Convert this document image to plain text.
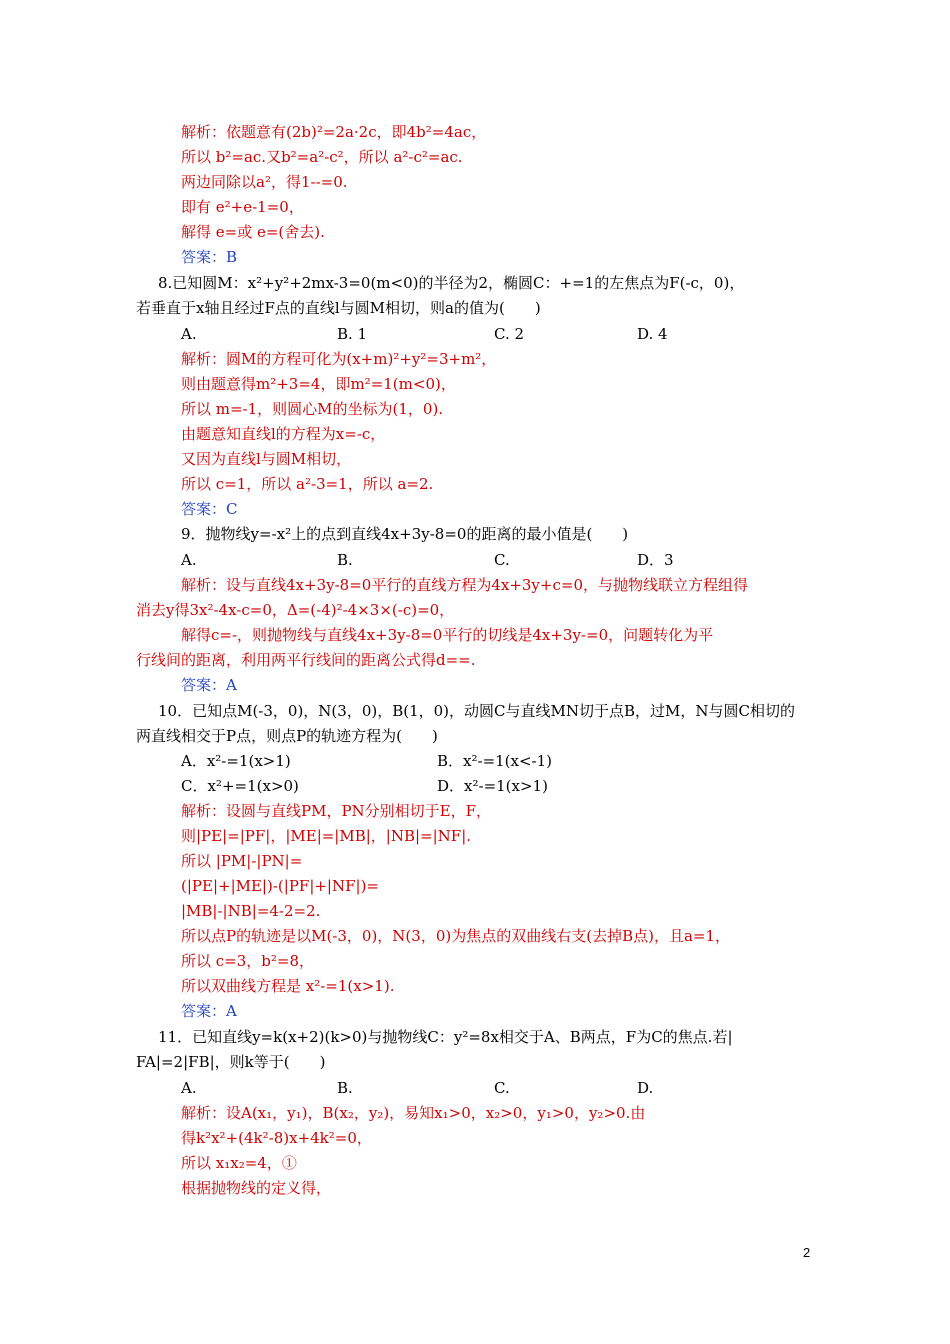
解析：依题意有(2b)²=2a·2c，即4b²=4ac，
所以 b²=ac.又b²=a²-c²，所以 a²-c²=ac.
两边同除以a²，得1--=0.
即有 e²+e-1=0，
解得 e=或 e=(舍去).
答案：B
8.已知圆M：x²+y²+2mx-3=0(m<0)的半径为2，椭圆C：+=1的左焦点为F(-c，0)，
若垂直于x轴且经过F点的直线l与圆M相切，则a的值为(　　)
A.	B. 1	C. 2	D. 4
解析：圆M的方程可化为(x+m)²+y²=3+m²，
则由题意得m²+3=4，即m²=1(m<0)，
所以 m=-1，则圆心M的坐标为(1，0).
由题意知直线l的方程为x=-c，
又因为直线l与圆M相切，
所以 c=1，所以 a²-3=1，所以 a=2.
答案：C
9．抛物线y=-x²上的点到直线4x+3y-8=0的距离的最小值是(　　)
A.	B.	C.	D．3
解析：设与直线4x+3y-8=0平行的直线方程为4x+3y+c=0，与抛物线联立方程组得
消去y得3x²-4x-c=0，Δ=(-4)²-4×3×(-c)=0，
解得c=-，则抛物线与直线4x+3y-8=0平行的切线是4x+3y-=0，问题转化为平
行线间的距离，利用两平行线间的距离公式得d==.
答案：A
10．已知点M(-3，0)，N(3，0)，B(1，0)，动圆C与直线MN切于点B，过M，N与圆C相切的
两直线相交于P点，则点P的轨迹方程为(　　)
A．x²-=1(x>1)	B．x²-=1(x<-1)
C．x²+=1(x>0)	D．x²-=1(x>1)
解析：设圆与直线PM，PN分别相切于E，F，
则|PE|=|PF|，|ME|=|MB|，|NB|=|NF|.
所以 |PM|-|PN|=
(|PE|+|ME|)-(|PF|+|NF|)=
|MB|-|NB|=4-2=2.
所以点P的轨迹是以M(-3，0)，N(3，0)为焦点的双曲线右支(去掉B点)，且a=1，
所以 c=3，b²=8，
所以双曲线方程是 x²-=1(x>1).
答案：A
11．已知直线y=k(x+2)(k>0)与抛物线C：y²=8x相交于A、B两点，F为C的焦点.若|
FA|=2|FB|，则k等于(　　)
A.	B.	C.	D.
解析：设A(x₁，y₁)，B(x₂，y₂)，易知x₁>0，x₂>0，y₁>0，y₂>0.由
得k²x²+(4k²-8)x+4k²=0，
所以 x₁x₂=4，①
根据抛物线的定义得，
2
